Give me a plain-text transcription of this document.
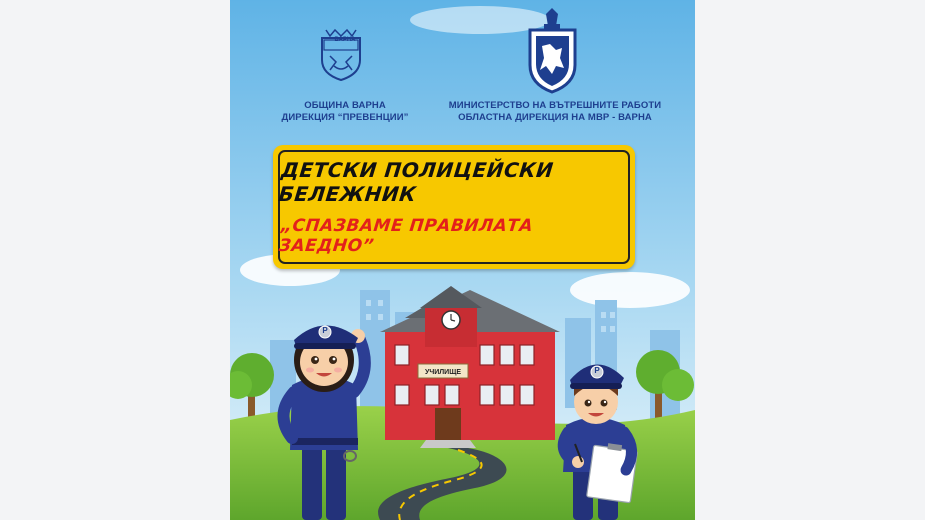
ОБЩИНА ВАРНА
ДИРЕКЦИЯ “ПРЕВЕНЦИИ”
МИНИСТЕРСТВО НА ВЪТРЕШНИТЕ РАБОТИ
ОБЛАСТНА ДИРЕКЦИЯ НА МВР - ВАРНА
ВАРНА
ДЕТСКИ ПОЛИЦЕЙСКИ БЕЛЕЖНИК
„СПАЗВАМЕ ПРАВИЛАТА ЗАЕДНО”
УЧИЛИЩЕ
P
P
